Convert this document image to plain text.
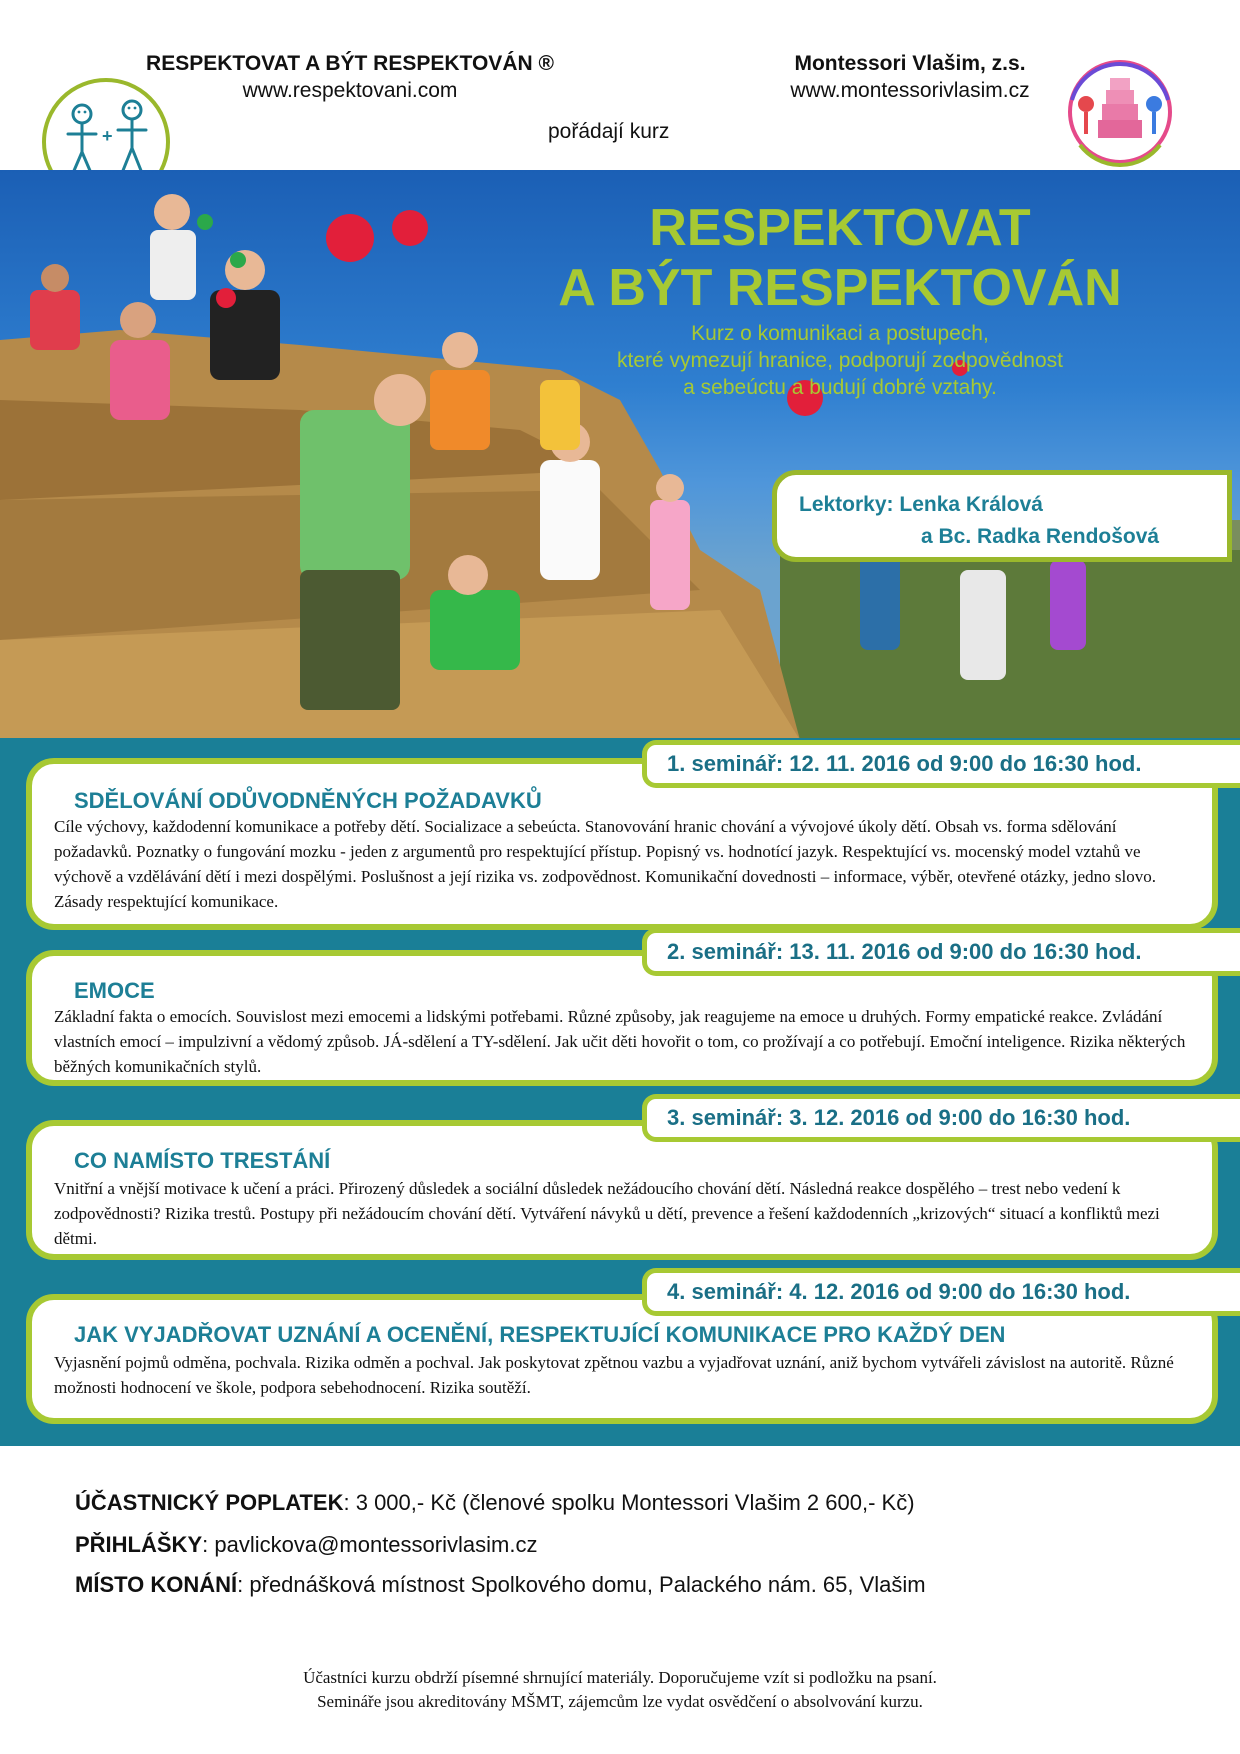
RESPEKTOVAT A BÝT RESPEKTOVÁN ®
www.respektovani.com
Montessori Vlašim, z.s.
www.montessorivlasim.cz
pořádají kurz
+
RESPEKTOVAT
A BÝT RESPEKTOVÁN
Kurz o komunikaci a postupech,
které vymezují hranice, podporují zodpovědnost
a sebeúctu a budují dobré vztahy.
Lektorky: Lenka Králová
a Bc. Radka Rendošová
SDĚLOVÁNÍ ODŮVODNĚNÝCH POŽADAVKŮ
Cíle výchovy, každodenní komunikace a potřeby dětí. Socializace a sebeúcta. Stanovování hranic chování a vývojové úkoly dětí. Obsah vs. forma sdělování požadavků. Poznatky o fungování mozku - jeden z argumentů pro respektující přístup. Popisný vs. hodnotící jazyk. Respektující vs. mocenský model vztahů ve výchově a vzdělávání dětí i mezi dospělými. Poslušnost a její rizika vs. zodpovědnost. Komunikační dovednosti – informace, výběr, otevřené otázky, jedno slovo. Zásady respektující komunikace.
1. seminář: 12. 11. 2016 od 9:00 do 16:30 hod.
EMOCE
Základní fakta o emocích. Souvislost mezi emocemi a lidskými potřebami. Různé způsoby, jak reagujeme na emoce u druhých. Formy empatické reakce. Zvládání vlastních emocí – impulzivní a vědomý způsob. JÁ-sdělení a TY-sdělení. Jak učit děti hovořit o tom, co prožívají a co potřebují. Emoční inteligence. Rizika některých běžných komunikačních stylů.
2. seminář: 13. 11. 2016 od 9:00 do 16:30 hod.
CO NAMÍSTO TRESTÁNÍ
Vnitřní a vnější motivace k učení a práci. Přirozený důsledek a sociální důsledek nežádoucího chování dětí. Následná reakce dospělého – trest nebo vedení k zodpovědnosti? Rizika trestů. Postupy při nežádoucím chování dětí. Vytváření návyků u dětí, prevence a řešení každodenních „krizových“ situací a konfliktů mezi dětmi.
3. seminář: 3. 12. 2016 od 9:00 do 16:30 hod.
JAK VYJADŘOVAT UZNÁNÍ A OCENĚNÍ, RESPEKTUJÍCÍ KOMUNIKACE PRO KAŽDÝ DEN
Vyjasnění pojmů odměna, pochvala. Rizika odměn a pochval. Jak poskytovat zpětnou vazbu a vyjadřovat uznání, aniž bychom vytvářeli závislost na autoritě. Různé možnosti hodnocení ve škole, podpora sebehodnocení. Rizika soutěží.
4. seminář: 4. 12. 2016 od 9:00 do 16:30 hod.
ÚČASTNICKÝ POPLATEK: 3 000,- Kč (členové spolku Montessori Vlašim 2 600,- Kč)
PŘIHLÁŠKY: pavlickova@montessorivlasim.cz
MÍSTO KONÁNÍ: přednášková místnost Spolkového domu, Palackého nám. 65, Vlašim
Účastníci kurzu obdrží písemné shrnující materiály. Doporučujeme vzít si podložku na psaní.
Semináře jsou akreditovány MŠMT, zájemcům lze vydat osvědčení o absolvování kurzu.
